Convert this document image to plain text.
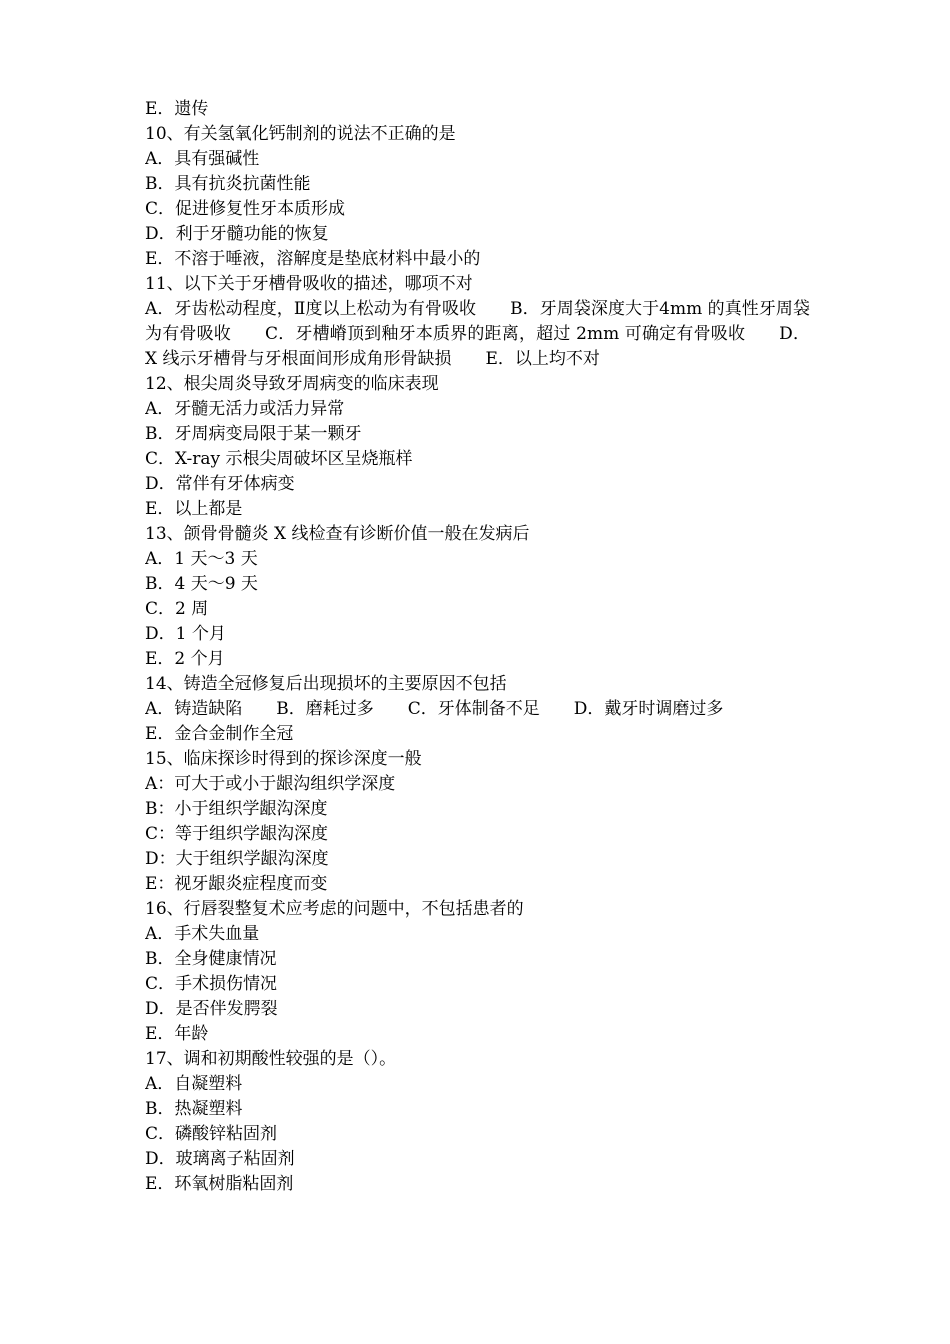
E．遗传
10、有关氢氧化钙制剂的说法不正确的是
A．具有强碱性
B．具有抗炎抗菌性能
C．促进修复性牙本质形成
D．利于牙髓功能的恢复
E．不溶于唾液，溶解度是垫底材料中最小的
11、以下关于牙槽骨吸收的描述，哪项不对
A．牙齿松动程度，Ⅱ度以上松动为有骨吸收 B．牙周袋深度大于4mm 的真性牙周袋为有骨吸收 C．牙槽嵴顶到釉牙本质界的距离，超过 2mm 可确定有骨吸收 D．X 线示牙槽骨与牙根面间形成角形骨缺损 E．以上均不对
12、根尖周炎导致牙周病变的临床表现
A．牙髓无活力或活力异常
B．牙周病变局限于某一颗牙
C．X-ray 示根尖周破坏区呈烧瓶样
D．常伴有牙体病变
E．以上都是
13、颌骨骨髓炎 X 线检查有诊断价值一般在发病后
A．1 天～3 天
B．4 天～9 天
C．2 周
D．1 个月
E．2 个月
14、铸造全冠修复后出现损坏的主要原因不包括
A．铸造缺陷 B．磨耗过多 C．牙体制备不足 D．戴牙时调磨过多
E．金合金制作全冠
15、临床探诊时得到的探诊深度一般
A：可大于或小于龈沟组织学深度
B：小于组织学龈沟深度
C：等于组织学龈沟深度
D：大于组织学龈沟深度
E：视牙龈炎症程度而变
16、行唇裂整复术应考虑的问题中，不包括患者的
A．手术失血量
B．全身健康情况
C．手术损伤情况
D．是否伴发腭裂
E．年龄
17、调和初期酸性较强的是（）。
A．自凝塑料
B．热凝塑料
C．磷酸锌粘固剂
D．玻璃离子粘固剂
E．环氧树脂粘固剂
